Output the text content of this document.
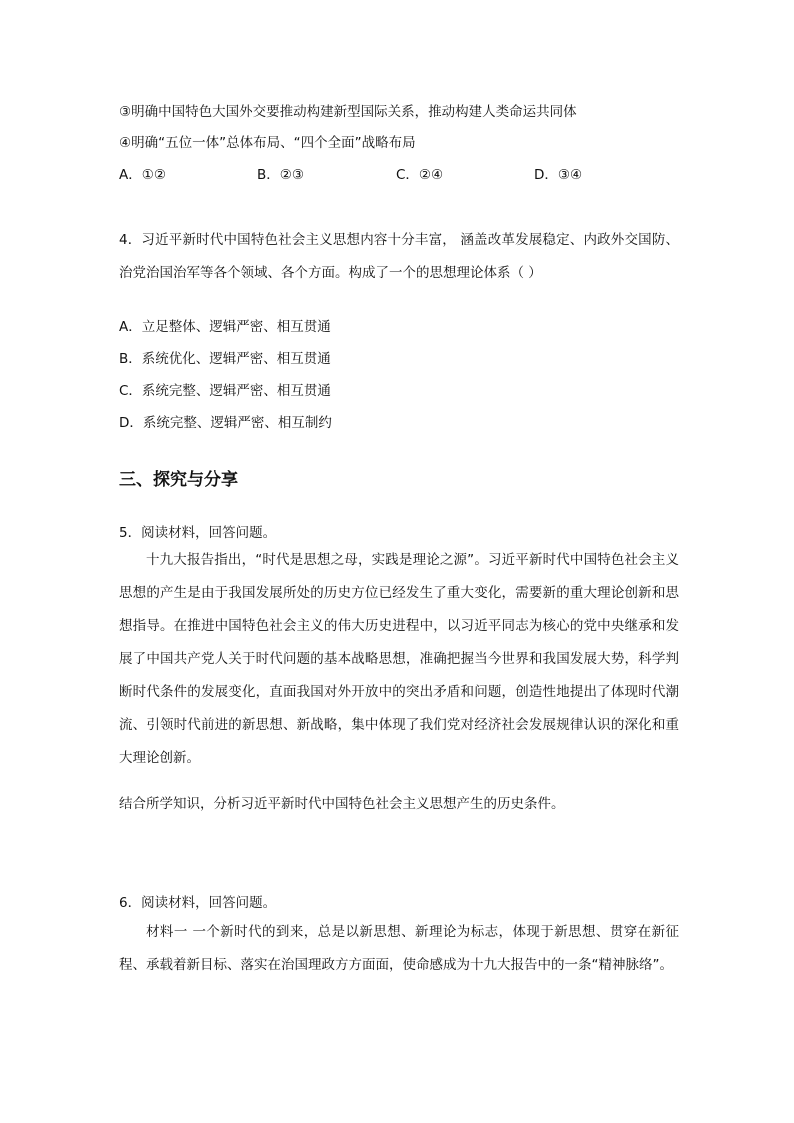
③明确中国特色大国外交要推动构建新型国际关系，推动构建人类命运共同体
④明确“五位一体”总体布局、“四个全面”战略布局
A．①②	B．②③	C．②④	D．③④
4．习近平新时代中国特色社会主义思想内容十分丰富， 涵盖改革发展稳定、内政外交国防、治党治国治军等各个领域、各个方面。构成了一个的思想理论体系（ ）
A．立足整体、逻辑严密、相互贯通
B．系统优化、逻辑严密、相互贯通
C．系统完整、逻辑严密、相互贯通
D．系统完整、逻辑严密、相互制约
三、探究与分享
5．阅读材料，回答问题。
十九大报告指出，“时代是思想之母，实践是理论之源”。习近平新时代中国特色社会主义思想的产生是由于我国发展所处的历史方位已经发生了重大变化，需要新的重大理论创新和思想指导。在推进中国特色社会主义的伟大历史进程中，以习近平同志为核心的党中央继承和发展了中国共产党人关于时代问题的基本战略思想，准确把握当今世界和我国发展大势，科学判断时代条件的发展变化，直面我国对外开放中的突出矛盾和问题，创造性地提出了体现时代潮流、引领时代前进的新思想、新战略，集中体现了我们党对经济社会发展规律认识的深化和重大理论创新。
结合所学知识，分析习近平新时代中国特色社会主义思想产生的历史条件。
6．阅读材料，回答问题。
材料一 一个新时代的到来，总是以新思想、新理论为标志，体现于新思想、贯穿在新征程、承载着新目标、落实在治国理政方方面面，使命感成为十九大报告中的一条“精神脉络”。
